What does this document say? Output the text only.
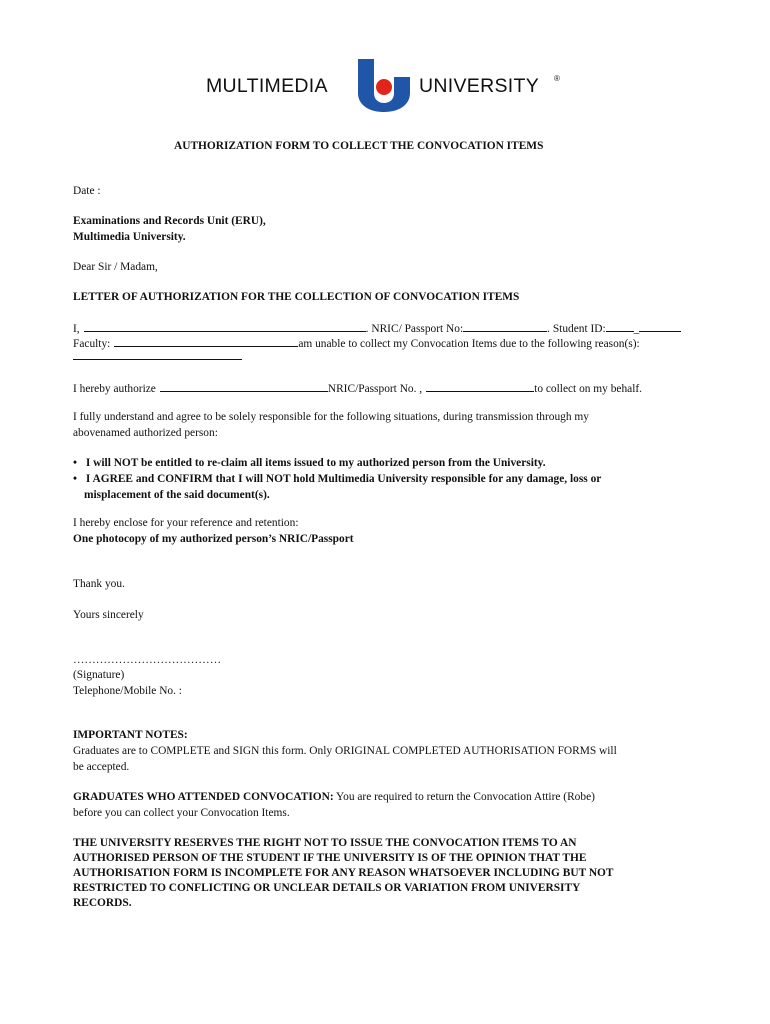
MULTIMEDIA	UNIVERSITY ®
AUTHORIZATION FORM TO COLLECT THE CONVOCATION ITEMS
Date :
Examinations and Records Unit (ERU),
Multimedia University.
Dear Sir / Madam,
LETTER OF AUTHORIZATION FOR THE COLLECTION OF CONVOCATION ITEMS
I,	. NRIC/ Passport No:	. Student ID: _
Faculty:	am unable to collect my Convocation Items due to the following reason(s):
I hereby authorize	NRIC/Passport No. ,	to collect on my behalf.
I fully understand and agree to be solely responsible for the following situations, during transmission through my
abovenamed authorized person:
• I will NOT be entitled to re-claim all items issued to my authorized person from the University.
• I AGREE and CONFIRM that I will NOT hold Multimedia University responsible for any damage, loss or
misplacement of the said document(s).
I hereby enclose for your reference and retention:
One photocopy of my authorized person’s NRIC/Passport
Thank you.
Yours sincerely
…………………………………
(Signature)
Telephone/Mobile No. :
IMPORTANT NOTES:
Graduates are to COMPLETE and SIGN this form. Only ORIGINAL COMPLETED AUTHORISATION FORMS will
be accepted.
GRADUATES WHO ATTENDED CONVOCATION: You are required to return the Convocation Attire (Robe)
before you can collect your Convocation Items.
THE UNIVERSITY RESERVES THE RIGHT NOT TO ISSUE THE CONVOCATION ITEMS TO AN
AUTHORISED PERSON OF THE STUDENT IF THE UNIVERSITY IS OF THE OPINION THAT THE
AUTHORISATION FORM IS INCOMPLETE FOR ANY REASON WHATSOEVER INCLUDING BUT NOT
RESTRICTED TO CONFLICTING OR UNCLEAR DETAILS OR VARIATION FROM UNIVERSITY
RECORDS.
